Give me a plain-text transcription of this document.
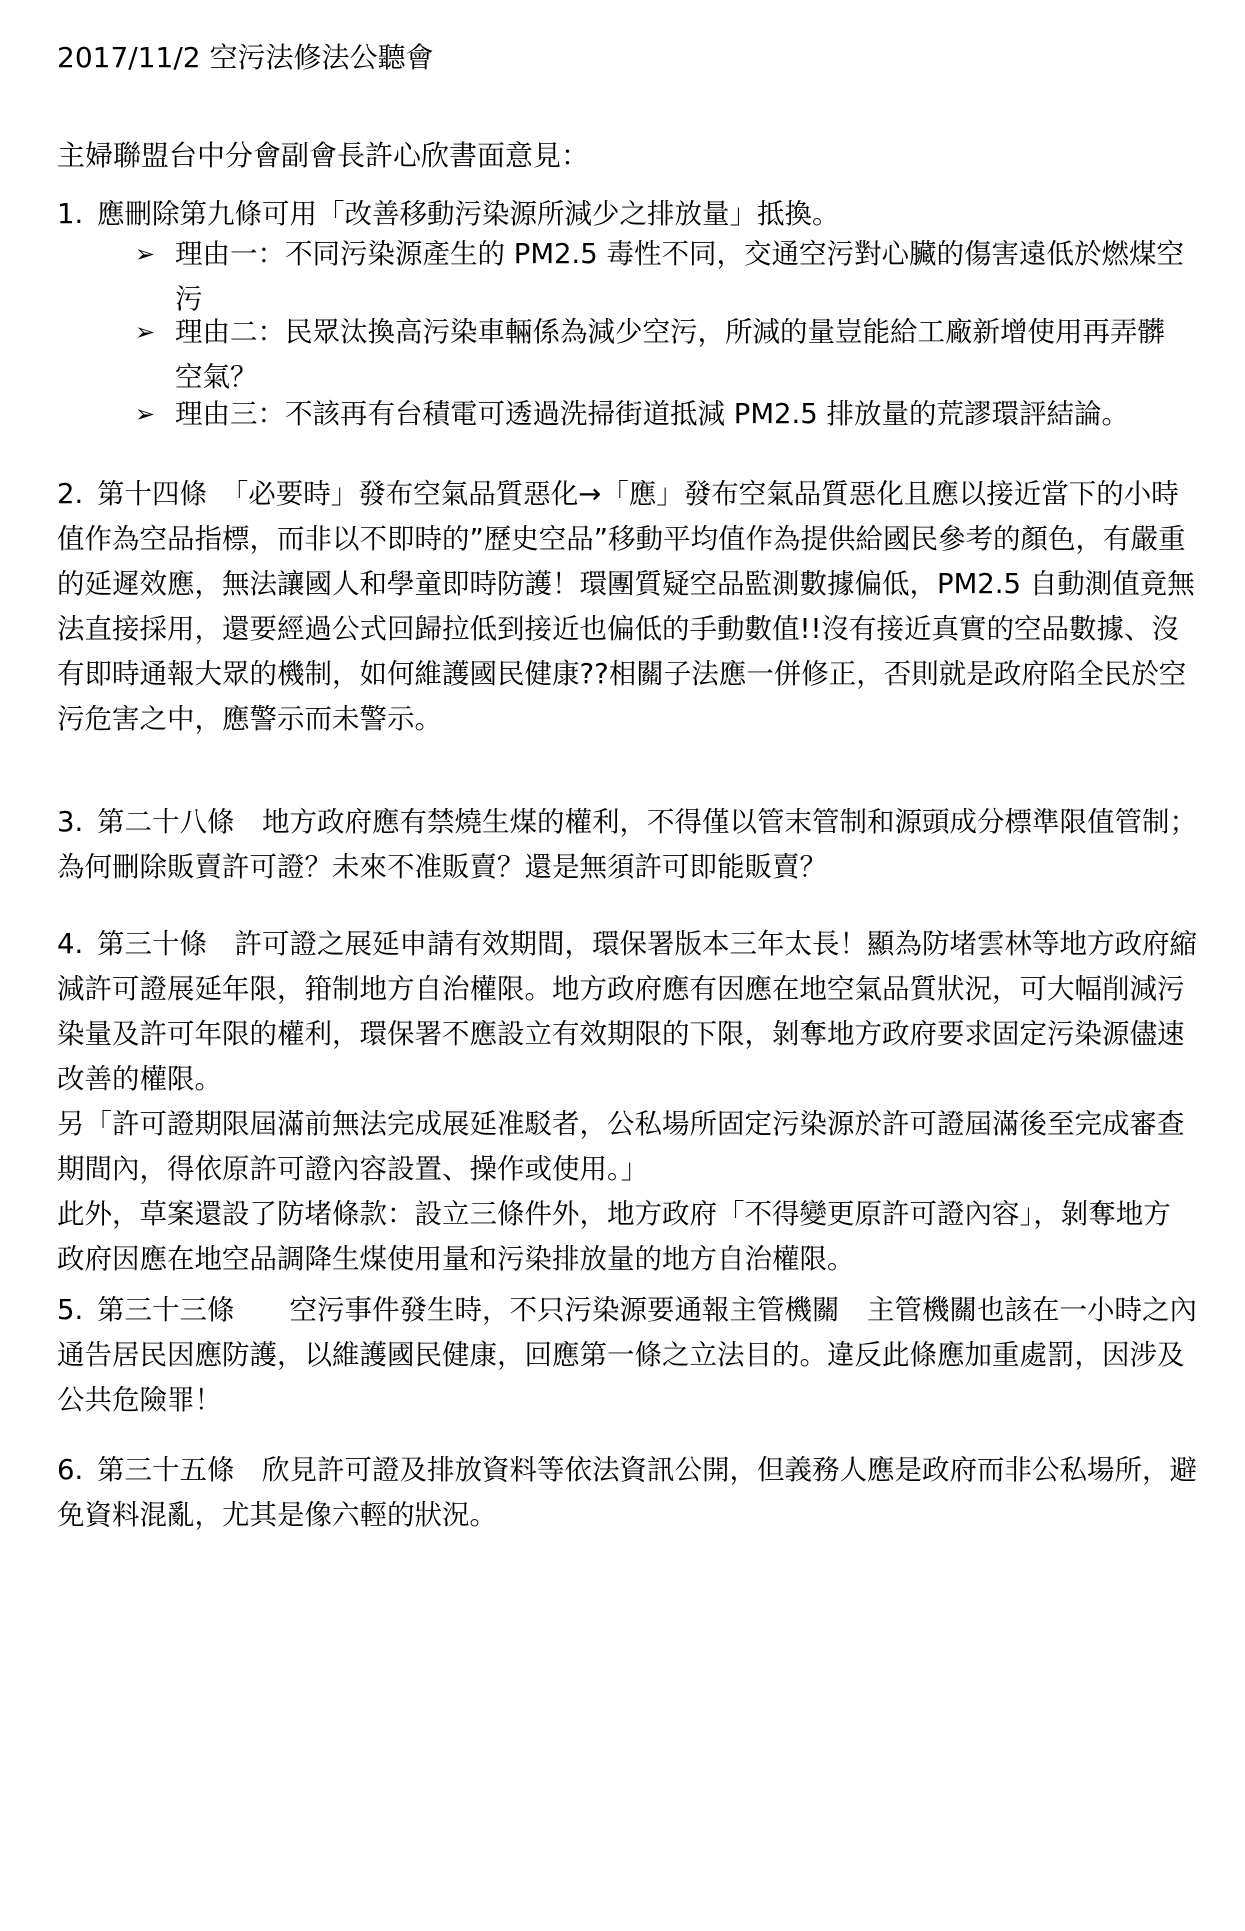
2017/11/2 空污法修法公聽會
主婦聯盟台中分會副會長許心欣書面意見：
1. 應刪除第九條可用「改善移動污染源所減少之排放量」抵換。
➢ 理由一：不同污染源產生的 PM2.5 毒性不同，交通空污對心臟的傷害遠低於燃煤空污
➢ 理由二：民眾汰換高污染車輛係為減少空污，所減的量豈能給工廠新增使用再弄髒空氣？
➢ 理由三：不該再有台積電可透過洗掃街道抵減 PM2.5 排放量的荒謬環評結論。
2. 第十四條　「必要時」發布空氣品質惡化→「應」發布空氣品質惡化且應以接近當下的小時值作為空品指標，而非以不即時的”歷史空品”移動平均值作為提供給國民參考的顏色，有嚴重的延遲效應，無法讓國人和學童即時防護！環團質疑空品監測數據偏低，PM2.5 自動測值竟無法直接採用，還要經過公式回歸拉低到接近也偏低的手動數值!!沒有接近真實的空品數據、沒有即時通報大眾的機制，如何維護國民健康??相關子法應一併修正，否則就是政府陷全民於空污危害之中，應警示而未警示。
3. 第二十八條　地方政府應有禁燒生煤的權利，不得僅以管末管制和源頭成分標準限值管制；為何刪除販賣許可證？未來不准販賣？還是無須許可即能販賣？

4. 第三十條　許可證之展延申請有效期間，環保署版本三年太長！顯為防堵雲林等地方政府縮減許可證展延年限，箝制地方自治權限。地方政府應有因應在地空氣品質狀況，可大幅削減污染量及許可年限的權利，環保署不應設立有效期限的下限，剝奪地方政府要求固定污染源儘速改善的權限。

另「許可證期限屆滿前無法完成展延准駁者，公私場所固定污染源於許可證屆滿後至完成審查期間內，得依原許可證內容設置、操作或使用。」

此外，草案還設了防堵條款：設立三條件外，地方政府「不得變更原許可證內容」，剝奪地方政府因應在地空品調降生煤使用量和污染排放量的地方自治權限。

5. 第三十三條　　空污事件發生時，不只污染源要通報主管機關　主管機關也該在一小時之內通告居民因應防護，以維護國民健康，回應第一條之立法目的。違反此條應加重處罰，因涉及公共危險罪！
6. 第三十五條　欣見許可證及排放資料等依法資訊公開，但義務人應是政府而非公私場所，避免資料混亂，尤其是像六輕的狀況。
